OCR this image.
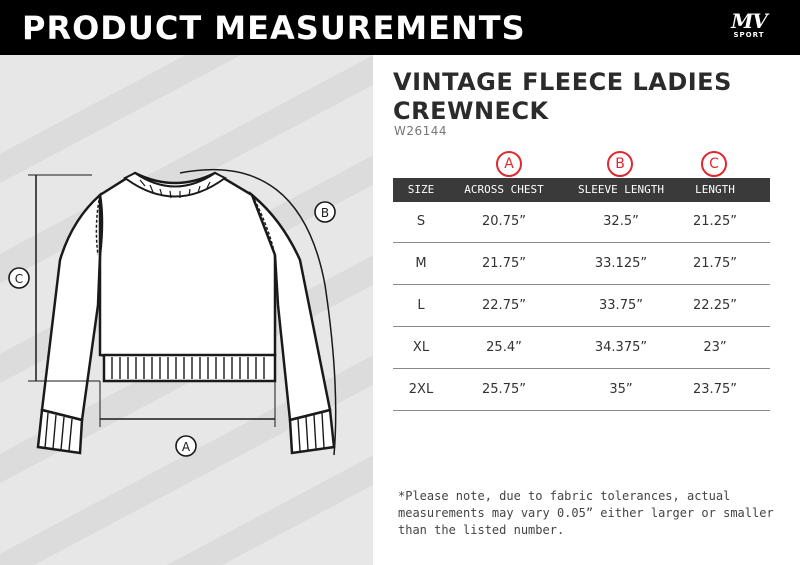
PRODUCT MEASUREMENTS	MV
SPORT
C
B
A
VINTAGE FLEECE LADIES CREWNECK
W26144
A	B	C
SIZE	ACROSS CHEST	SLEEVE LENGTH	LENGTH
S	20.75”	32.5”	21.25”
M	21.75”	33.125”	21.75”
L	22.75”	33.75”	22.25”
XL	25.4”	34.375”	23”
2XL	25.75”	35”	23.75”
*Please note, due to fabric tolerances, actual measurements may vary 0.05” either larger or smaller than the listed number.
